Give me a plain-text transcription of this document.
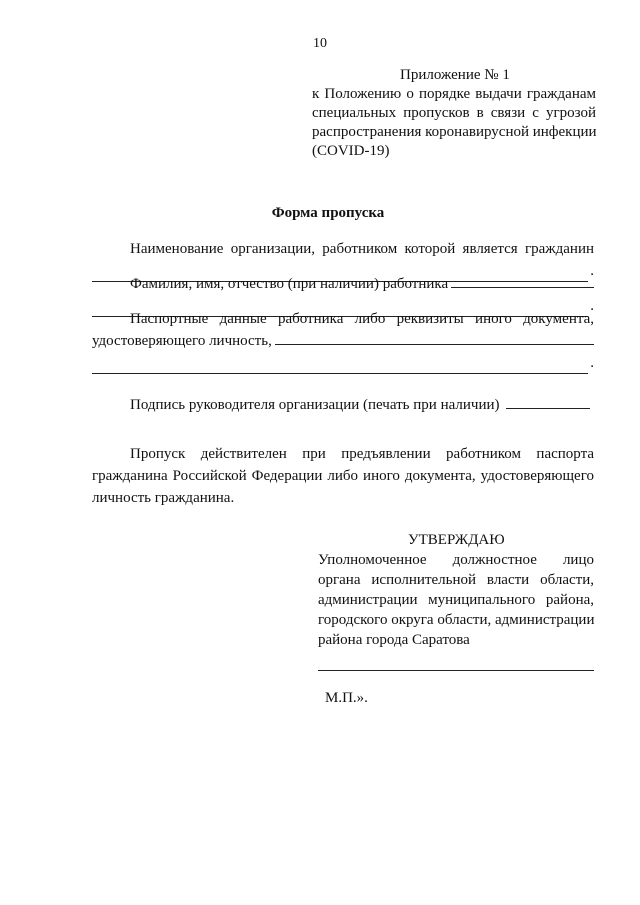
10
Приложение № 1
к Положению о порядке выдачи гражданам
специальных пропусков в связи с угрозой
распространения коронавирусной инфекции
(COVID-19)
Форма пропуска
Наименование организации, работником которой является гражданин
.
Фамилия, имя, отчество (при наличии) работника
.
Паспортные данные работника либо реквизиты иного документа,
удостоверяющего личность,
.
Подпись руководителя организации (печать при наличии)
Пропуск действителен при предъявлении работником паспорта
гражданина Российской Федерации либо иного документа, удостоверяющего
личность гражданина.
УТВЕРЖДАЮ
Уполномоченное должностное лицо
органа исполнительной власти области,
администрации муниципального района,
городского округа области, администрации
района города Саратова
М.П.».
